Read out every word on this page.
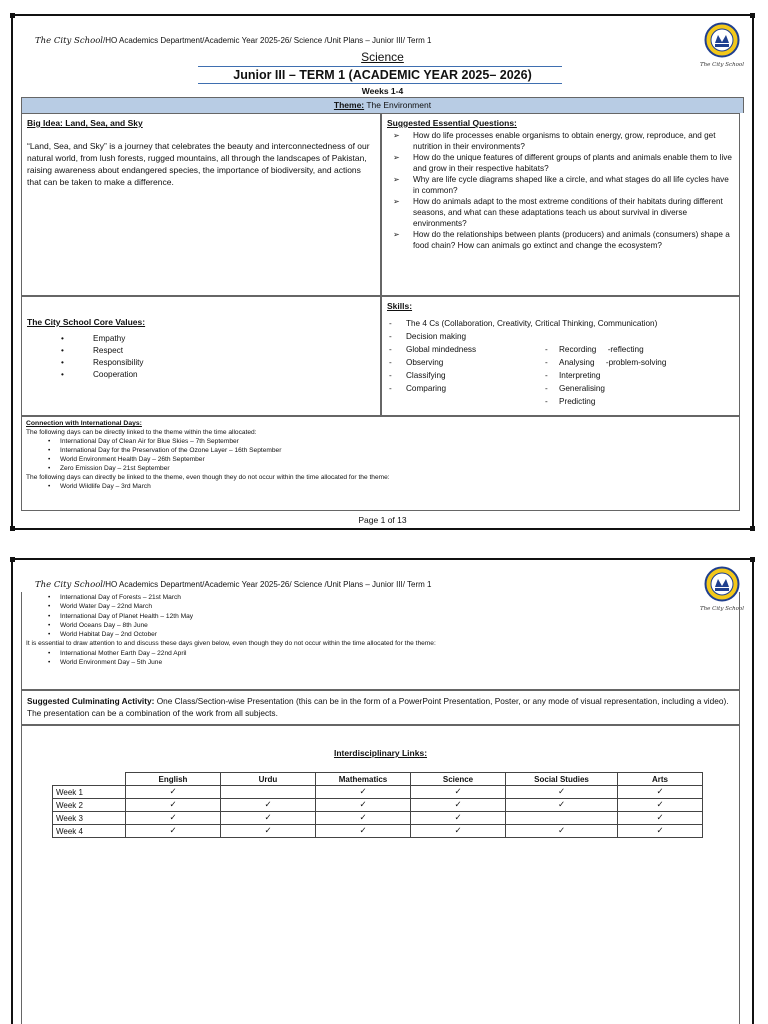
The City School/HO Academics Department/Academic Year 2025-26/ Science /Unit Plans – Junior III/ Term 1
The City School
Science
Junior III – TERM 1 (ACADEMIC YEAR 2025– 2026)
Weeks 1-4
Theme: The Environment
Big Idea: Land, Sea, and Sky

“Land, Sea, and Sky” is a journey that celebrates the beauty and interconnectedness of our natural world, from lush forests, rugged mountains, all through the landscapes of Pakistan, raising awareness about endangered species, the importance of biodiversity, and actions that can be taken to make a difference.

Suggested Essential Questions:
➢ How do life processes enable organisms to obtain energy, grow, reproduce, and get nutrition in their environments?
➢ How do the unique features of different groups of plants and animals enable them to live and grow in their respective habitats?
➢ Why are life cycle diagrams shaped like a circle, and what stages do all life cycles have in common?
➢ How do animals adapt to the most extreme conditions of their habitats during different seasons, and what can these adaptations teach us about survival in diverse environments?
➢ How do the relationships between plants (producers) and animals (consumers) shape a food chain? How can animals go extinct and change the ecosystem?
The City School Core Values:
• Empathy
• Respect
• Responsibility
• Cooperation
Skills:
- The 4 Cs (Collaboration, Creativity, Critical Thinking, Communication)
- Decision making
- Global mindedness
- Observing
- Classifying
- Comparing
- Recording     -reflecting
- Analysing     -problem-solving
- Interpreting
- Generalising
- Predicting
Connection with International Days:
The following days can be directly linked to the theme within the time allocated:
• International Day of Clean Air for Blue Skies – 7th September
• International Day for the Preservation of the Ozone Layer – 16th September
• World Environment Health Day – 26th September
• Zero Emission Day – 21st September
The following days can directly be linked to the theme, even though they do not occur within the time allocated for the theme:
• World Wildlife Day – 3rd March
Page 1 of 13
The City School/HO Academics Department/Academic Year 2025-26/ Science /Unit Plans – Junior III/ Term 1
The City School
• International Day of Forests – 21st March
• World Water Day – 22nd March
• International Day of Planet Health – 12th May
• World Oceans Day – 8th June
• World Habitat Day – 2nd October
It is essential to draw attention to and discuss these days given below, even though they do not occur within the time allocated for the theme:
• International Mother Earth Day – 22nd April
• World Environment Day – 5th June
Suggested Culminating Activity: One Class/Section-wise Presentation (this can be in the form of a PowerPoint Presentation, Poster, or any mode of visual representation, including a video). The presentation can be a combination of the work from all subjects.
Interdisciplinary Links:
	English	Urdu	Mathematics	Science	Social Studies	Arts
Week 1	✓		✓	✓	✓	✓
Week 2	✓	✓	✓	✓	✓	✓
Week 3	✓	✓	✓	✓		✓
Week 4	✓	✓	✓	✓	✓	✓
